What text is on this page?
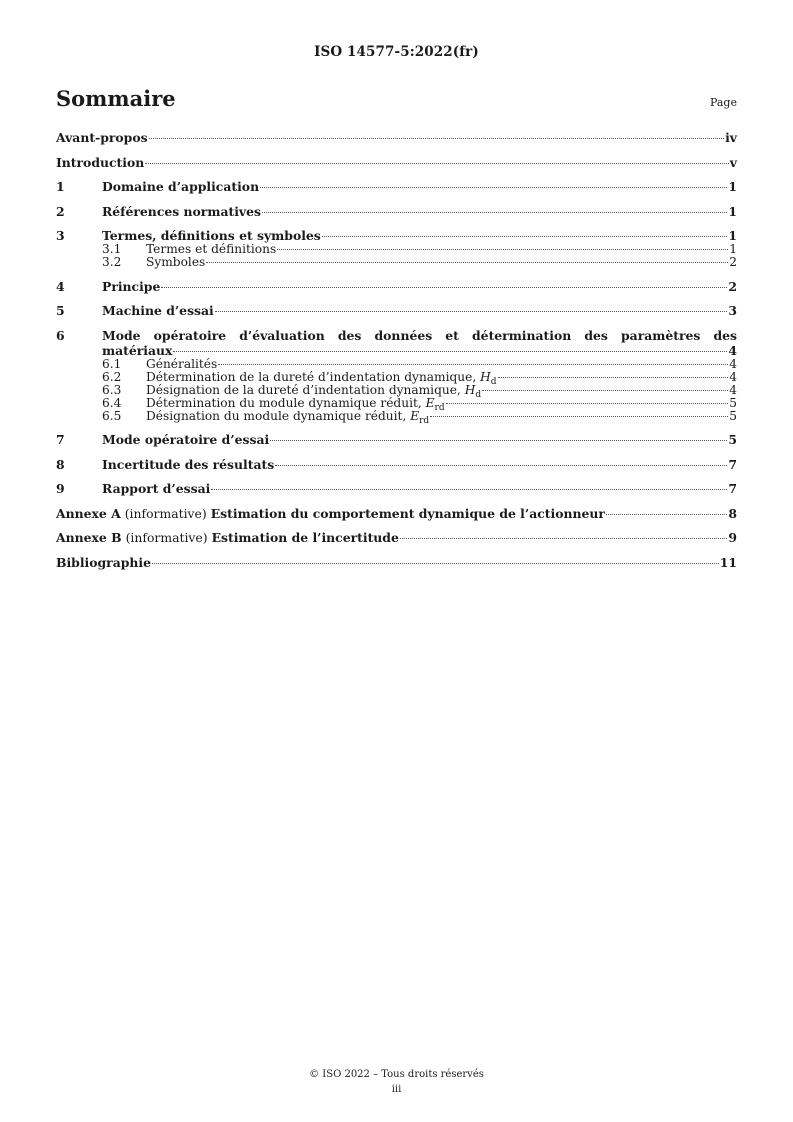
ISO 14577-5:2022(fr)
Sommaire	Page
Avant-propos	iv
Introduction	v
1	Domaine d’application	1
2	Références normatives	1
3	Termes, définitions et symboles	1
3.1	Termes et définitions	1
3.2	Symboles	2
4	Principe	2
5	Machine d’essai	3
6	Mode opératoire d’évaluation des données et détermination des paramètres des
matériaux	4
6.1	Généralités	4
6.2	Détermination de la dureté d’indentation dynamique, $H_d$	4
6.3	Désignation de la dureté d’indentation dynamique, $H_d$	4
6.4	Détermination du module dynamique réduit, $E_{rd}$	5
6.5	Désignation du module dynamique réduit, $E_{rd}$	5
7	Mode opératoire d’essai	5
8	Incertitude des résultats	7
9	Rapport d’essai	7
Annexe A (informative) Estimation du comportement dynamique de l’actionneur	8
Annexe B (informative) Estimation de l’incertitude	9
Bibliographie	11
© ISO 2022 – Tous droits réservés
iii
